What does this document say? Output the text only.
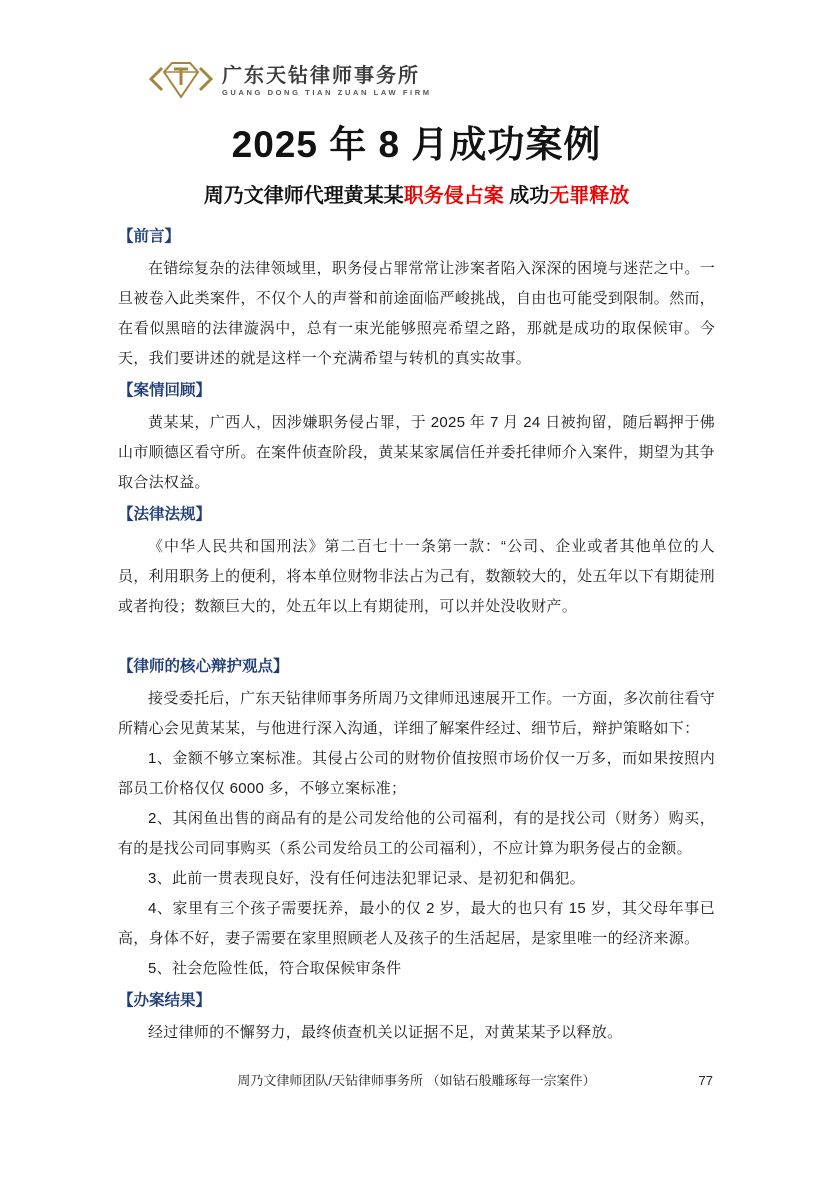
广东天钻律师事务所
GUANG DONG TIAN ZUAN LAW FIRM
2025 年 8 月成功案例
周乃文律师代理黄某某职务侵占案 成功无罪释放
【前言】

在错综复杂的法律领域里，职务侵占罪常常让涉案者陷入深深的困境与迷茫之中。一旦被卷入此类案件，不仅个人的声誉和前途面临严峻挑战，自由也可能受到限制。然而，在看似黑暗的法律漩涡中，总有一束光能够照亮希望之路，那就是成功的取保候审。今天，我们要讲述的就是这样一个充满希望与转机的真实故事。

【案情回顾】

黄某某，广西人，因涉嫌职务侵占罪，于 2025 年 7 月 24 日被拘留，随后羁押于佛山市顺德区看守所。在案件侦查阶段，黄某某家属信任并委托律师介入案件，期望为其争取合法权益。

【法律法规】

《中华人民共和国刑法》第二百七十一条第一款：“公司、企业或者其他单位的人员，利用职务上的便利，将本单位财物非法占为己有，数额较大的，处五年以下有期徒刑或者拘役；数额巨大的，处五年以上有期徒刑，可以并处没收财产。

【律师的核心辩护观点】

接受委托后，广东天钻律师事务所周乃文律师迅速展开工作。一方面，多次前往看守所精心会见黄某某，与他进行深入沟通，详细了解案件经过、细节后，辩护策略如下：

1、金额不够立案标准。其侵占公司的财物价值按照市场价仅一万多，而如果按照内部员工价格仅仅 6000 多，不够立案标准；

2、其闲鱼出售的商品有的是公司发给他的公司福利，有的是找公司（财务）购买，有的是找公司同事购买（系公司发给员工的公司福利），不应计算为职务侵占的金额。

3、此前一贯表现良好，没有任何违法犯罪记录、是初犯和偶犯。

4、家里有三个孩子需要抚养，最小的仅 2 岁，最大的也只有 15 岁，其父母年事已高，身体不好，妻子需要在家里照顾老人及孩子的生活起居，是家里唯一的经济来源。

5、社会危险性低，符合取保候审条件

【办案结果】

经过律师的不懈努力，最终侦查机关以证据不足，对黄某某予以释放。

周乃文律师团队/天钻律师事务所 （如钻石般雕琢每一宗案件）	77
